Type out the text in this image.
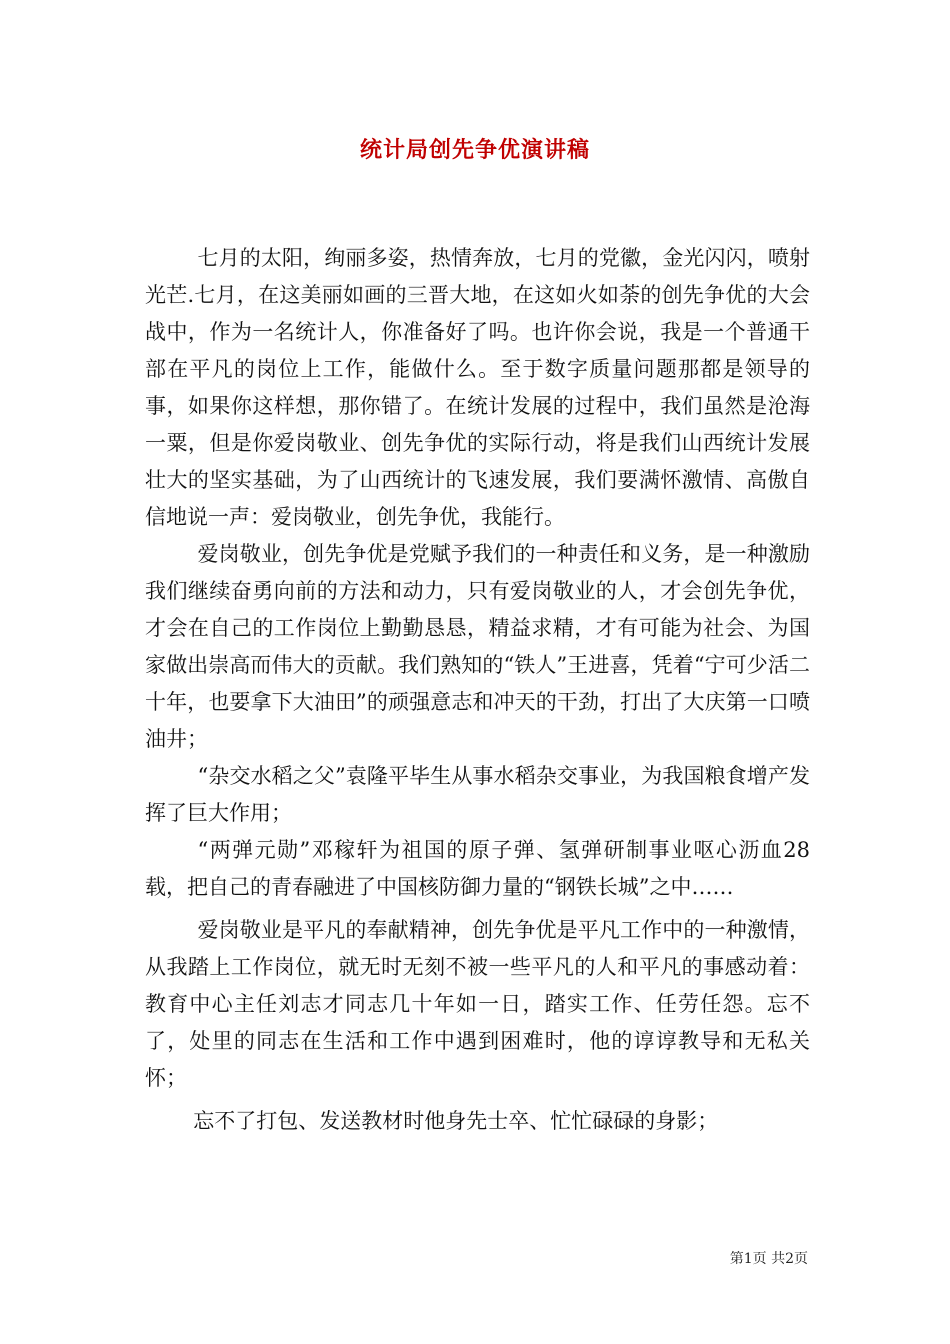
统计局创先争优演讲稿

七月的太阳，绚丽多姿，热情奔放，七月的党徽，金光闪闪，喷射光芒.七月，在这美丽如画的三晋大地，在这如火如荼的创先争优的大会战中，作为一名统计人，你准备好了吗。也许你会说，我是一个普通干部在平凡的岗位上工作，能做什么。至于数字质量问题那都是领导的事，如果你这样想，那你错了。在统计发展的过程中，我们虽然是沧海一粟，但是你爱岗敬业、创先争优的实际行动，将是我们山西统计发展壮大的坚实基础，为了山西统计的飞速发展，我们要满怀激情、高傲自信地说一声：爱岗敬业，创先争优，我能行。

爱岗敬业，创先争优是党赋予我们的一种责任和义务，是一种激励我们继续奋勇向前的方法和动力，只有爱岗敬业的人，才会创先争优，才会在自己的工作岗位上勤勤恳恳，精益求精，才有可能为社会、为国家做出崇高而伟大的贡献。我们熟知的“铁人”王进喜，凭着“宁可少活二十年，也要拿下大油田”的顽强意志和冲天的干劲，打出了大庆第一口喷油井；

“杂交水稻之父”袁隆平毕生从事水稻杂交事业，为我国粮食增产发挥了巨大作用；

“两弹元勋”邓稼轩为祖国的原子弹、氢弹研制事业呕心沥血28载，把自己的青春融进了中国核防御力量的“钢铁长城”之中……

爱岗敬业是平凡的奉献精神，创先争优是平凡工作中的一种激情，从我踏上工作岗位，就无时无刻不被一些平凡的人和平凡的事感动着：教育中心主任刘志才同志几十年如一日，踏实工作、任劳任怨。忘不了，处里的同志在生活和工作中遇到困难时，他的谆谆教导和无私关怀；

忘不了打包、发送教材时他身先士卒、忙忙碌碌的身影；

第1页 共2页
